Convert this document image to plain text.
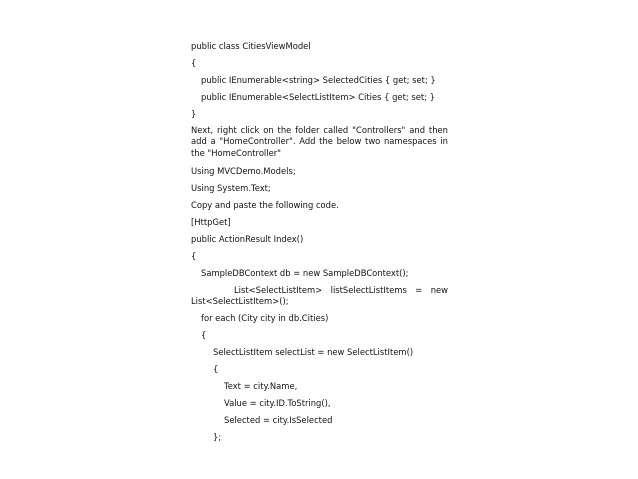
public class CitiesViewModel
{
public IEnumerable<string> SelectedCities { get; set; }
public IEnumerable<SelectListItem> Cities { get; set; }
}
Next, right click on the folder called "Controllers" and then add a "HomeController". Add the below two namespaces in the "HomeController"
Using MVCDemo.Models;
Using System.Text;
Copy and paste the following code.
[HttpGet]
public ActionResult Index()
{
SampleDBContext db = new SampleDBContext();
List<SelectListItem> listSelectListItems = new
List<SelectListItem>();
for each (City city in db.Cities)
{
SelectListItem selectList = new SelectListItem()
{
Text = city.Name,
Value = city.ID.ToString(),
Selected = city.IsSelected
};
